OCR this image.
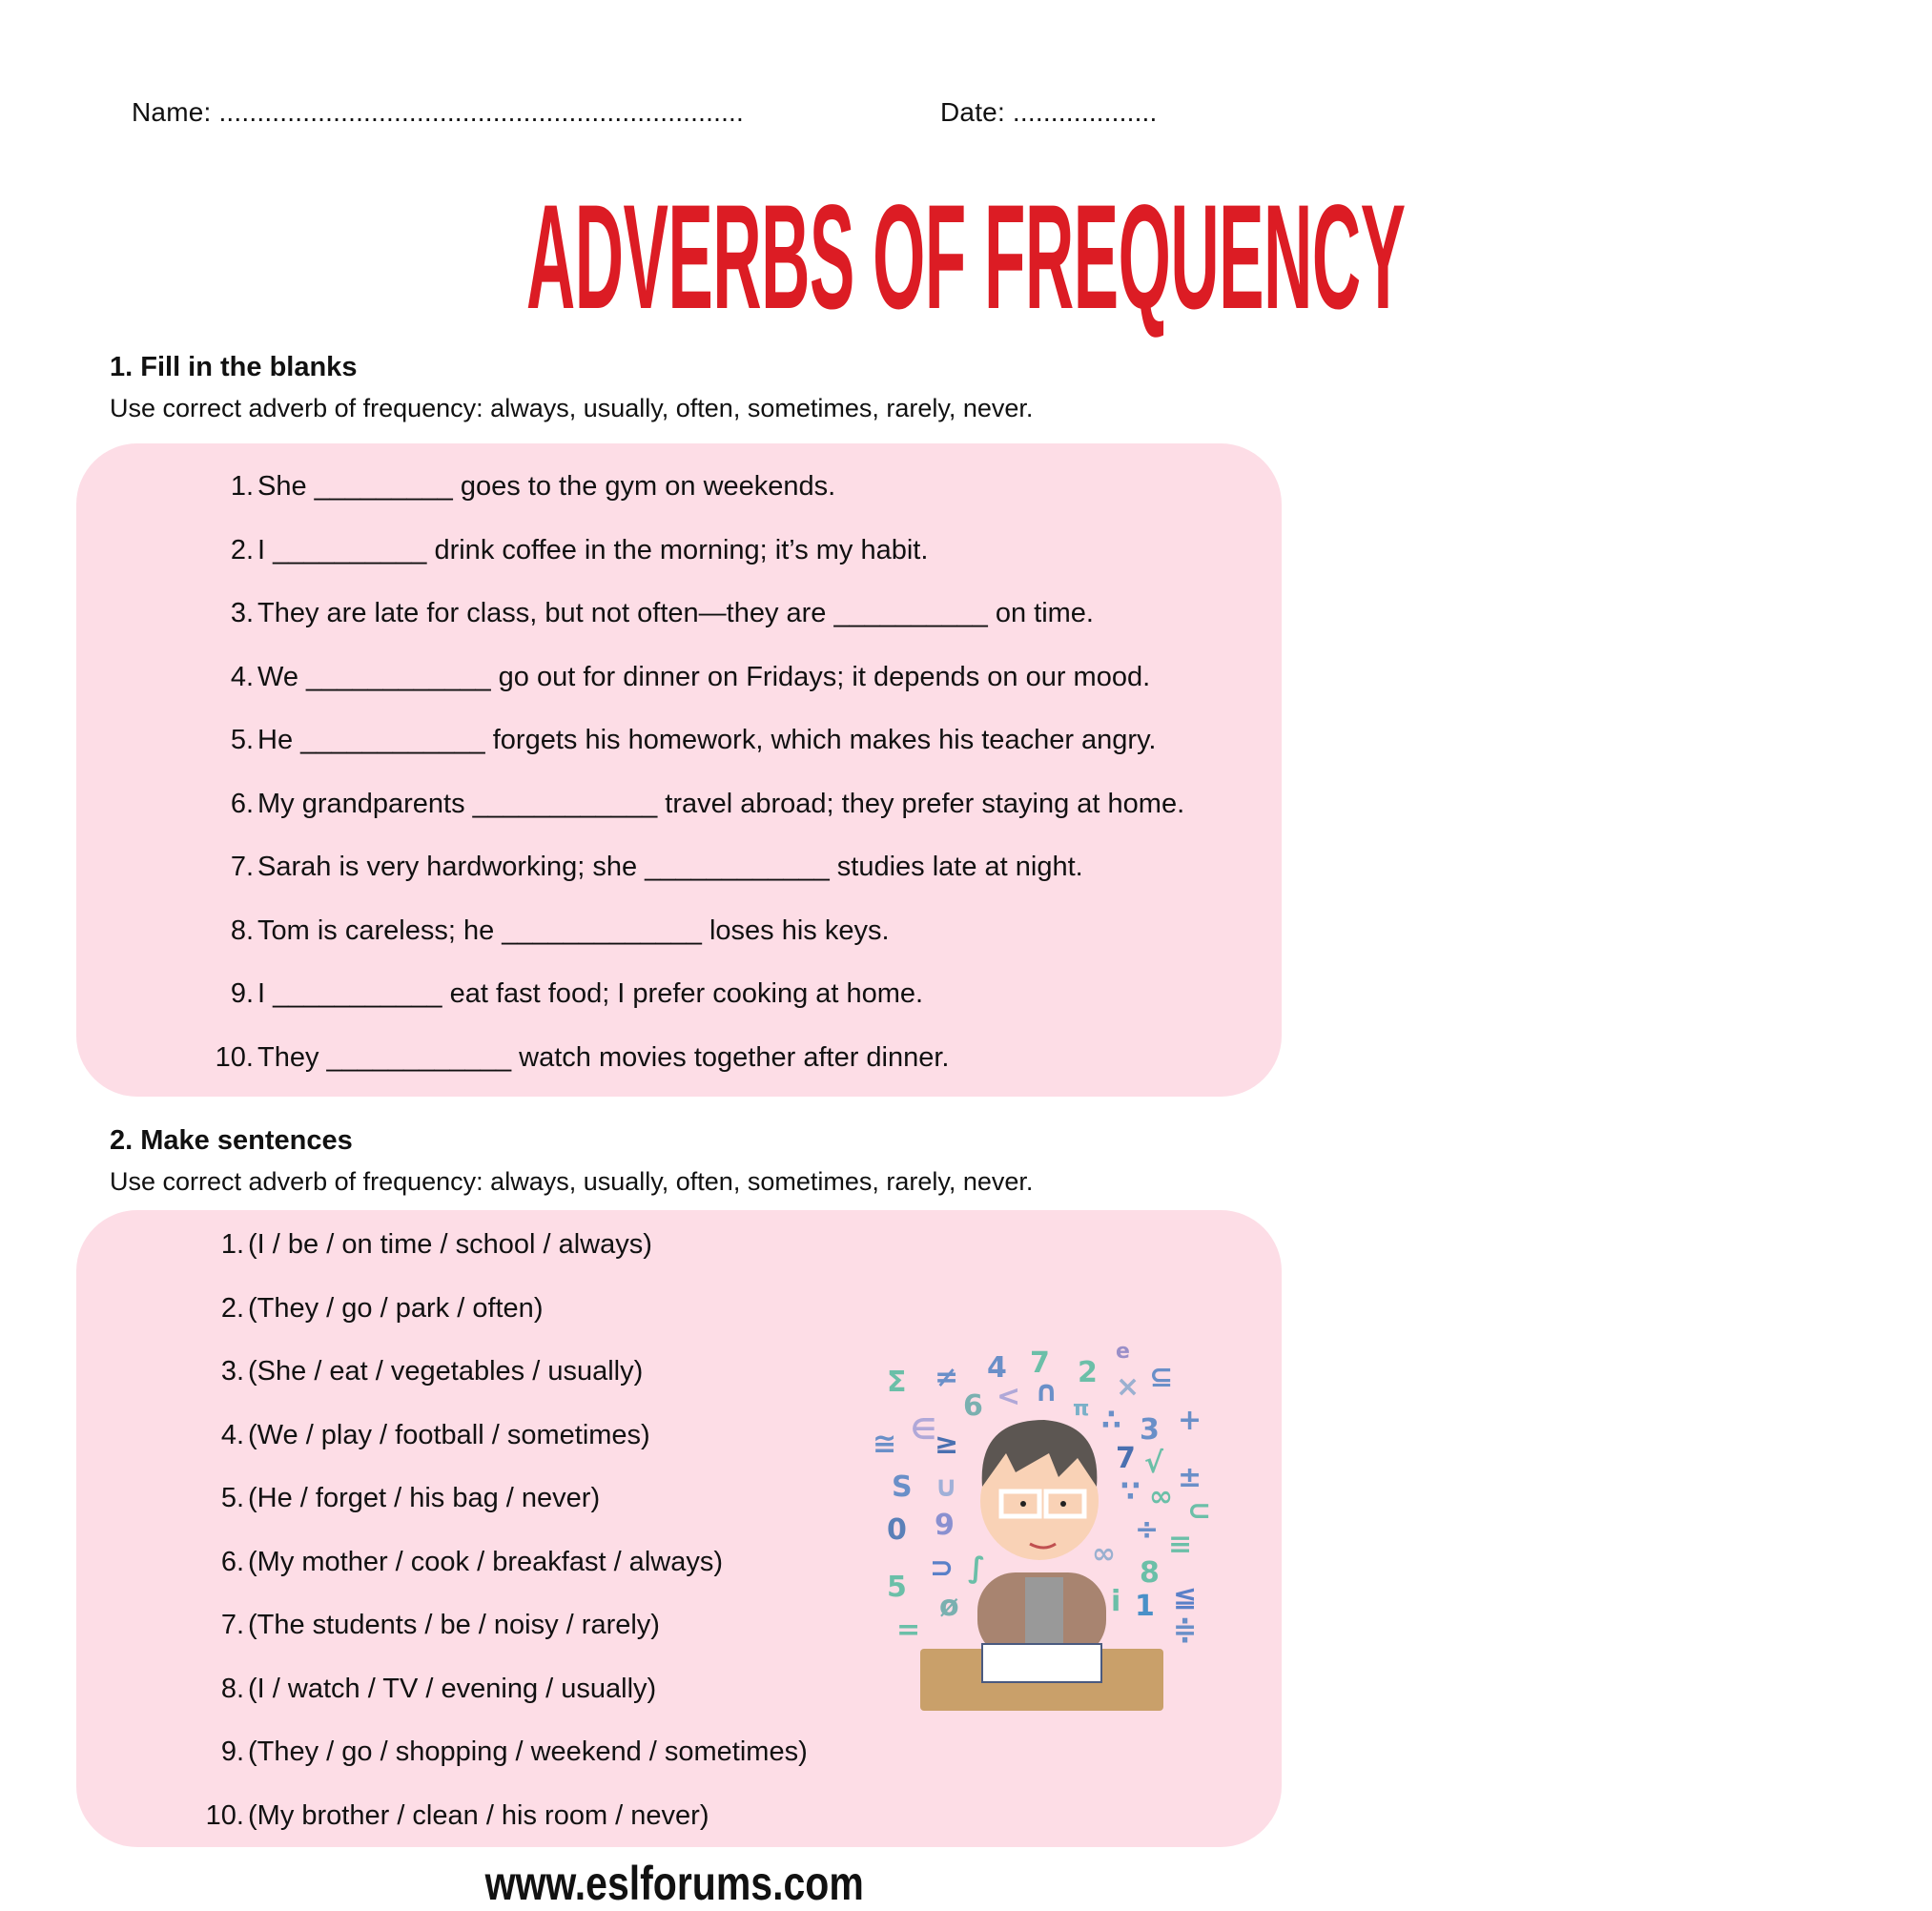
Name: .....................................................................	Date: ...................
ADVERBS OF FREQUENCY
1. Fill in the blanks
Use correct adverb of frequency: always, usually, often, sometimes, rarely, never.
1. She _________ goes to the gym on weekends.
2. I __________ drink coffee in the morning; it’s my habit.
3. They are late for class, but not often—they are __________ on time.
4. We ____________ go out for dinner on Fridays; it depends on our mood.
5. He ____________ forgets his homework, which makes his teacher angry.
6. My grandparents ____________ travel abroad; they prefer staying at home.
7. Sarah is very hardworking; she ____________ studies late at night.
8. Tom is careless; he _____________ loses his keys.
9. I ___________ eat fast food; I prefer cooking at home.
10. They ____________ watch movies together after dinner.
2. Make sentences
Use correct adverb of frequency: always, usually, often, sometimes, rarely, never.
Σ ≠ 4 7 2
e
× ⊆
6 < ∩
π ∴ +
≅ ∈
≥	3
7 √ ±
S ∪	∵ ∞ ⊂
0 9	÷ ≡
⊃ ∫	∞
8
5
ø	i 1 ≦
=	≑
1. (I / be / on time / school / always)
2. (They / go / park / often)
3. (She / eat / vegetables / usually)
4. (We / play / football / sometimes)
5. (He / forget / his bag / never)
6. (My mother / cook / breakfast / always)
7. (The students / be / noisy / rarely)
8. (I / watch / TV / evening / usually)
9. (They / go / shopping / weekend / sometimes)
10. (My brother / clean / his room / never)
www.eslforums.com
